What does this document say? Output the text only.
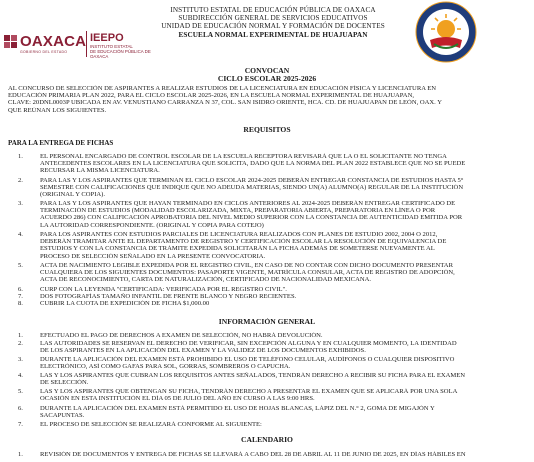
OAXACA
GOBIERNO DEL ESTADO
IEEPO
INSTITUTO ESTATAL
DE EDUCACIÓN PÚBLICA DE OAXACA
INSTITUTO ESTATAL DE EDUCACIÓN PÚBLICA DE OAXACA
SUBDIRECCIÓN GENERAL DE SERVICIOS EDUCATIVOS
UNIDAD DE EDUCACIÓN NORMAL Y FORMACIÓN DE DOCENTES
ESCUELA NORMAL EXPERIMENTAL DE HUAJUAPAN
CONVOCAN
CICLO ESCOLAR 2025-2026
AL CONCURSO DE SELECCIÓN DE ASPIRANTES A REALIZAR ESTUDIOS DE LA LICENCIATURA EN EDUCACIÓN FÍSICA Y LICENCIATURA EN
EDUCACIÓN PRIMARIA PLAN 2022, PARA EL CICLO ESCOLAR 2025-2026, EN LA ESCUELA NORMAL EXPERIMENTAL DE HUAJUAPAN,
CLAVE: 20DNL0003P UBICADA EN AV. VENUSTIANO CARRANZA N 37, COL. SAN ISIDRO ORIENTE, HCA. CD. DE HUAJUAPAN DE LEÓN, OAX. Y
QUE REÚNAN LOS SIGUIENTES.
REQUISITOS
PARA LA ENTREGA DE FICHAS
1.	EL PERSONAL ENCARGADO DE CONTROL ESCOLAR DE LA ESCUELA RECEPTORA REVISARÁ QUE LA O EL SOLICITANTE NO TENGA
ANTECEDENTES ESCOLARES EN LA LICENCIATURA QUE SOLICITA, DADO QUE LA NORMA DEL PLAN 2022 ESTABLECE QUE NO SE PUEDE
RECURSAR LA MISMA LICENCIATURA.
2.	PARA LAS Y LOS ASPIRANTES QUE TERMINAN EL CICLO ESCOLAR 2024-2025 DEBERÁN ENTREGAR CONSTANCIA DE ESTUDIOS HASTA 5°
SEMESTRE CON CALIFICACIONES QUE INDIQUE QUE NO ADEUDA MATERIAS, SIENDO UN(A) ALUMNO(A) REGULAR DE LA INSTITUCIÓN
(ORIGINAL Y COPIA).
3.	PARA LAS Y LOS ASPIRANTES QUE HAYAN TERMINADO EN CICLOS ANTERIORES AL 2024-2025 DEBERÁN ENTREGAR CERTIFICADO DE
TERMINACIÓN DE ESTUDIOS (MODALIDAD ESCOLARIZADA, MIXTA, PREPARATORIA ABIERTA, PREPARATORIA EN LÍNEA O POR
ACUERDO 286) CON CALIFICACIÓN APROBATORIA DEL NIVEL MEDIO SUPERIOR CON LA CONSTANCIA DE AUTENTICIDAD EMITIDA POR
LA AUTORIDAD CORRESPONDIENTE. (ORIGINAL Y COPIA PARA COTEJO)
4.	PARA LOS ASPIRANTES CON ESTUDIOS PARCIALES DE LICENCIATURA REALIZADOS CON PLANES DE ESTUDIO 2002, 2004 O 2012,
DEBERÁN TRAMITAR ANTE EL DEPARTAMENTO DE REGISTRO Y CERTIFICACIÓN ESCOLAR LA RESOLUCIÓN DE EQUIVALENCIA DE
ESTUDIOS Y CON LA CONSTANCIA DE TRÁMITE EXPEDIDA SOLICITARÁN LA FICHA ADEMÁS DE SOMETERSE NUEVAMENTE AL
PROCESO DE SELECCIÓN SEÑALADO EN LA PRESENTE CONVOCATORIA.
5.	ACTA DE NACIMIENTO LEGIBLE EXPEDIDA POR EL REGISTRO CIVIL, EN CASO DE NO CONTAR CON DICHO DOCUMENTO PRESENTAR
CUALQUIERA DE LOS SIGUIENTES DOCUMENTOS: PASAPORTE VIGENTE, MATRÍCULA CONSULAR, ACTA DE REGISTRO DE ADOPCIÓN,
ACTA DE RECONOCIMIENTO, CARTA DE NATURALIZACIÓN, CERTIFICADO DE NACIONALIDAD MEXICANA.
6.	CURP CON LA LEYENDA "CERTIFICADA: VERIFICADA POR EL REGISTRO CIVIL".
7.	DOS FOTOGRAFÍAS TAMAÑO INFANTIL DE FRENTE BLANCO Y NEGRO RECIENTES.
8.	CUBRIR LA CUOTA DE EXPEDICIÓN DE FICHA $1,000.00
INFORMACIÓN GENERAL
1.	EFECTUADO EL PAGO DE DERECHOS A EXAMEN DE SELECCIÓN, NO HABRÁ DEVOLUCIÓN.
2.	LAS AUTORIDADES SE RESERVAN EL DERECHO DE VERIFICAR, SIN EXCEPCIÓN ALGUNA Y EN CUALQUIER MOMENTO, LA IDENTIDAD
DE LOS ASPIRANTES EN LA APLICACIÓN DEL EXAMEN Y LA VALIDEZ DE LOS DOCUMENTOS EXHIBIDOS.
3.	DURANTE LA APLICACIÓN DEL EXAMEN ESTÁ PROHIBIDO EL USO DE TELÉFONO CELULAR, AUDÍFONOS O CUALQUIER DISPOSITIVO
ELECTRÓNICO, ASÍ COMO GAFAS PARA SOL, GORRAS, SOMBREROS O CAPUCHA.
4.	LAS Y LOS ASPIRANTES QUE CUBRAN LOS REQUISITOS ANTES SEÑALADOS, TENDRÁN DERECHO A RECIBIR SU FICHA PARA EL EXAMEN
DE SELECCIÓN.
5.	LAS Y LOS ASPIRANTES QUE OBTENGAN SU FICHA, TENDRÁN DERECHO A PRESENTAR EL EXAMEN QUE SE APLICARÁ POR UNA SOLA
OCASIÓN EN ESTA INSTITUCIÓN EL DÍA 05 DE JULIO DEL AÑO EN CURSO A LAS 9:00 HRS.
6.	DURANTE LA APLICACIÓN DEL EXAMEN ESTÁ PERMITIDO EL USO DE HOJAS BLANCAS, LÁPIZ DEL N.° 2, GOMA DE MIGAJÓN Y
SACAPUNTAS.
7.	EL PROCESO DE SELECCIÓN SE REALIZARÁ CONFORME AL SIGUIENTE:
CALENDARIO
1.	REVISIÓN DE DOCUMENTOS Y ENTREGA DE FICHAS SE LLEVARÁ A CABO DEL 28 DE ABRIL AL 11 DE JUNIO DE 2025, EN DÍAS HÁBILES EN
